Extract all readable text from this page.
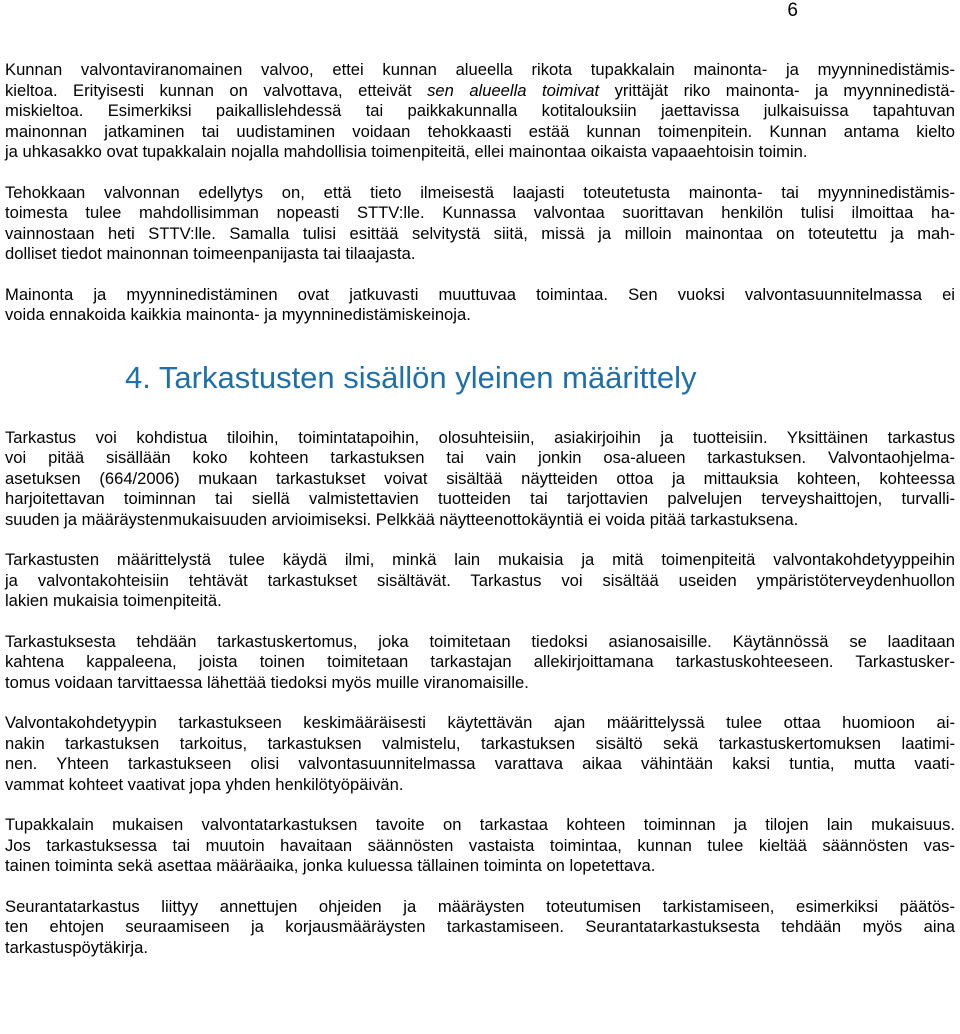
6

Kunnan valvontaviranomainen valvoo, ettei kunnan alueella rikota tupakkalain mainonta- ja myynninedistämis-
kieltoa. Erityisesti kunnan on valvottava, etteivät sen alueella toimivat yrittäjät riko mainonta- ja myynninedistä-
miskieltoa. Esimerkiksi paikallislehdessä tai paikkakunnalla kotitalouksiin jaettavissa julkaisuissa tapahtuvan
mainonnan jatkaminen tai uudistaminen voidaan tehokkaasti estää kunnan toimenpitein. Kunnan antama kielto
ja uhkasakko ovat tupakkalain nojalla mahdollisia toimenpiteitä, ellei mainontaa oikaista vapaaehtoisin toimin.

Tehokkaan valvonnan edellytys on, että tieto ilmeisestä laajasti toteutetusta mainonta- tai myynninedistämis-
toimesta tulee mahdollisimman nopeasti STTV:lle. Kunnassa valvontaa suorittavan henkilön tulisi ilmoittaa ha-
vainnostaan heti STTV:lle. Samalla tulisi esittää selvitystä siitä, missä ja milloin mainontaa on toteutettu ja mah-
dolliset tiedot mainonnan toimeenpanijasta tai tilaajasta.

Mainonta ja myynninedistäminen ovat jatkuvasti muuttuvaa toimintaa. Sen vuoksi valvontasuunnitelmassa ei
voida ennakoida kaikkia mainonta- ja myynninedistämiskeinoja.

4. Tarkastusten sisällön yleinen määrittely

Tarkastus voi kohdistua tiloihin, toimintatapoihin, olosuhteisiin, asiakirjoihin ja tuotteisiin. Yksittäinen tarkastus
voi pitää sisällään koko kohteen tarkastuksen tai vain jonkin osa-alueen tarkastuksen. Valvontaohjelma-
asetuksen (664/2006) mukaan tarkastukset voivat sisältää näytteiden ottoa ja mittauksia kohteen, kohteessa
harjoitettavan toiminnan tai siellä valmistettavien tuotteiden tai tarjottavien palvelujen terveyshaittojen, turvalli-
suuden ja määräystenmukaisuuden arvioimiseksi. Pelkkää näytteenottokäyntiä ei voida pitää tarkastuksena.

Tarkastusten määrittelystä tulee käydä ilmi, minkä lain mukaisia ja mitä toimenpiteitä valvontakohdetyyppeihin
ja valvontakohteisiin tehtävät tarkastukset sisältävät. Tarkastus voi sisältää useiden ympäristöterveydenhuollon
lakien mukaisia toimenpiteitä.

Tarkastuksesta tehdään tarkastuskertomus, joka toimitetaan tiedoksi asianosaisille. Käytännössä se laaditaan
kahtena kappaleena, joista toinen toimitetaan tarkastajan allekirjoittamana tarkastuskohteeseen. Tarkastusker-
tomus voidaan tarvittaessa lähettää tiedoksi myös muille viranomaisille.

Valvontakohdetyypin tarkastukseen keskimääräisesti käytettävän ajan määrittelyssä tulee ottaa huomioon ai-
nakin tarkastuksen tarkoitus, tarkastuksen valmistelu, tarkastuksen sisältö sekä tarkastuskertomuksen laatimi-
nen. Yhteen tarkastukseen olisi valvontasuunnitelmassa varattava aikaa vähintään kaksi tuntia, mutta vaati-
vammat kohteet vaativat jopa yhden henkilötyöpäivän.

Tupakkalain mukaisen valvontatarkastuksen tavoite on tarkastaa kohteen toiminnan ja tilojen lain mukaisuus.
Jos tarkastuksessa tai muutoin havaitaan säännösten vastaista toimintaa, kunnan tulee kieltää säännösten vas-
tainen toiminta sekä asettaa määräaika, jonka kuluessa tällainen toiminta on lopetettava.

Seurantatarkastus liittyy annettujen ohjeiden ja määräysten toteutumisen tarkistamiseen, esimerkiksi päätös-
ten ehtojen seuraamiseen ja korjausmääräysten tarkastamiseen. Seurantatarkastuksesta tehdään myös aina
tarkastuspöytäkirja.
